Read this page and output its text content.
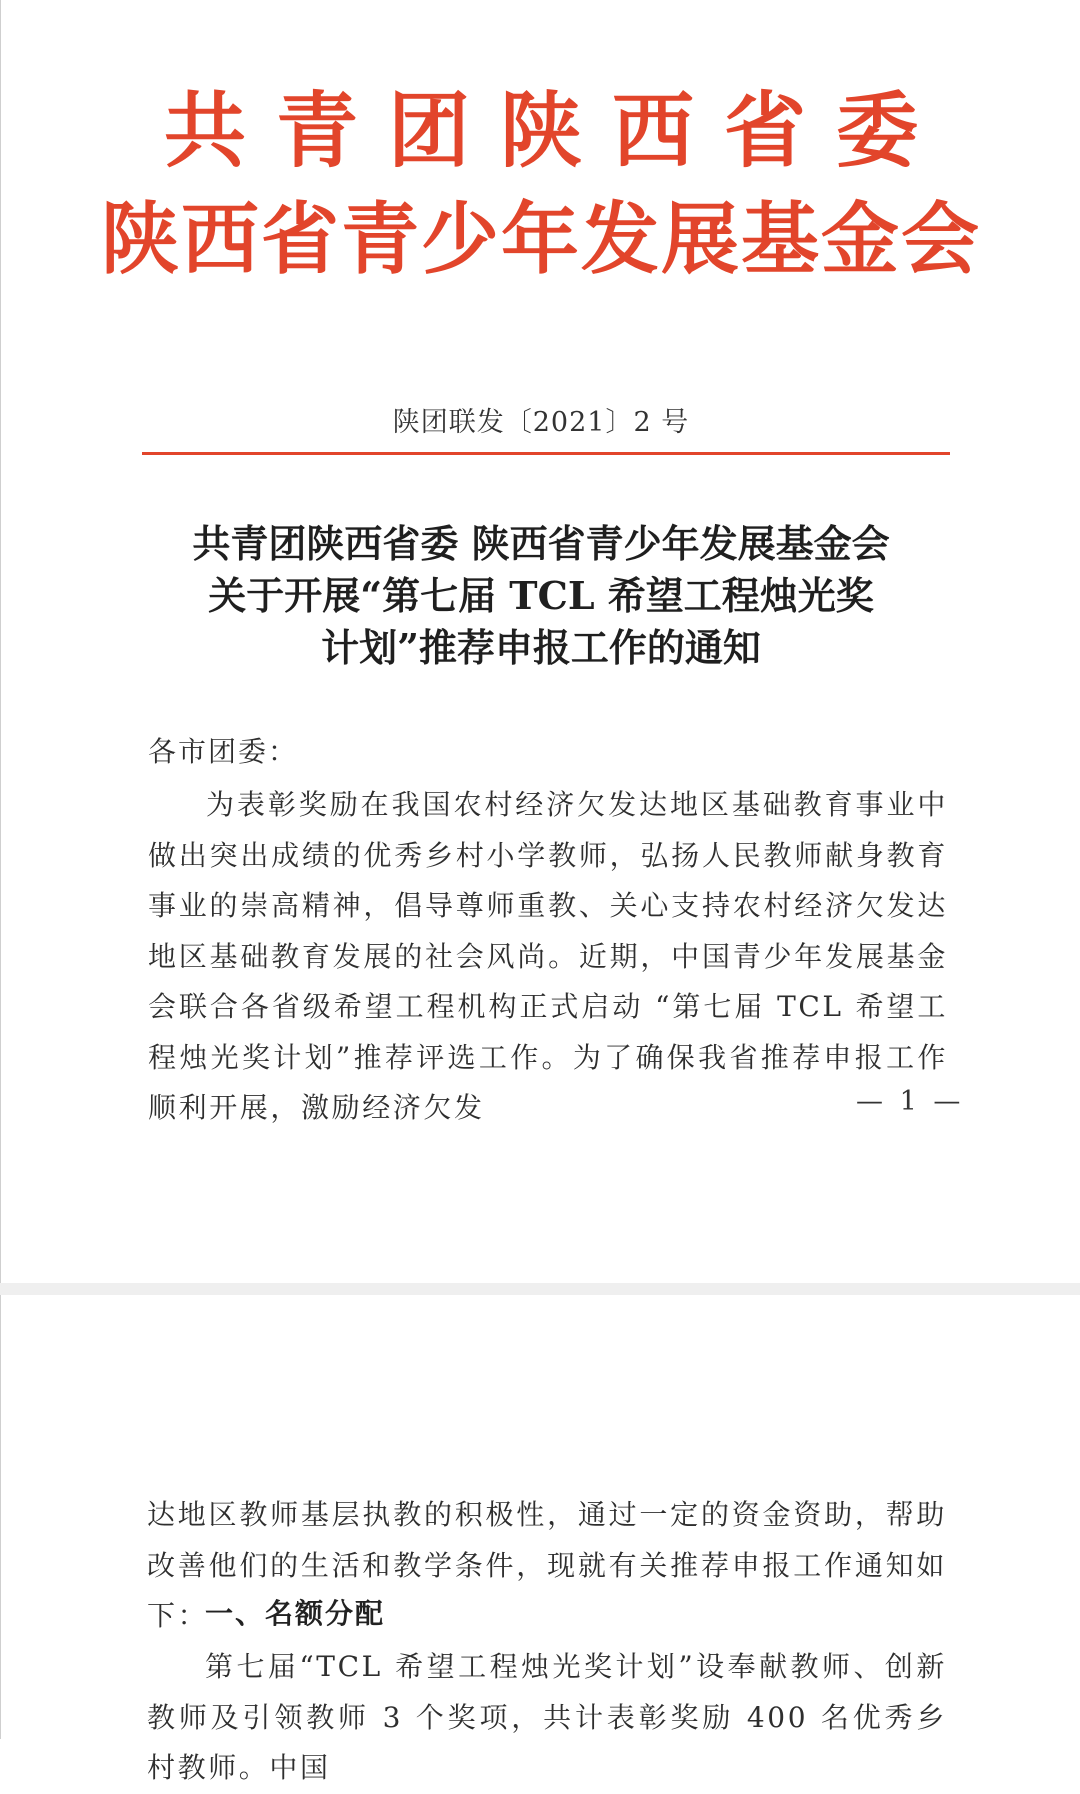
共青团陕西省委
陕西省青少年发展基金会
陕团联发〔2021〕2 号
共青团陕西省委 陕西省青少年发展基金会
关于开展“第七届 TCL 希望工程烛光奖
计划”推荐申报工作的通知
各市团委：

为表彰奖励在我国农村经济欠发达地区基础教育事业中做出突出成绩的优秀乡村小学教师，弘扬人民教师献身教育事业的崇高精神，倡导尊师重教、关心支持农村经济欠发达地区基础教育发展的社会风尚。近期，中国青少年发展基金会联合各省级希望工程机构正式启动 “第七届 TCL 希望工程烛光奖计划”推荐评选工作。为了确保我省推荐申报工作顺利开展，激励经济欠发	— 1 —

达地区教师基层执教的积极性，通过一定的资金资助，帮助改善他们的生活和教学条件，现就有关推荐申报工作通知如下：

一、名额分配

第七届“TCL 希望工程烛光奖计划”设奉献教师、创新教师及引领教师 3 个奖项，共计表彰奖励 400 名优秀乡村教师。中国
